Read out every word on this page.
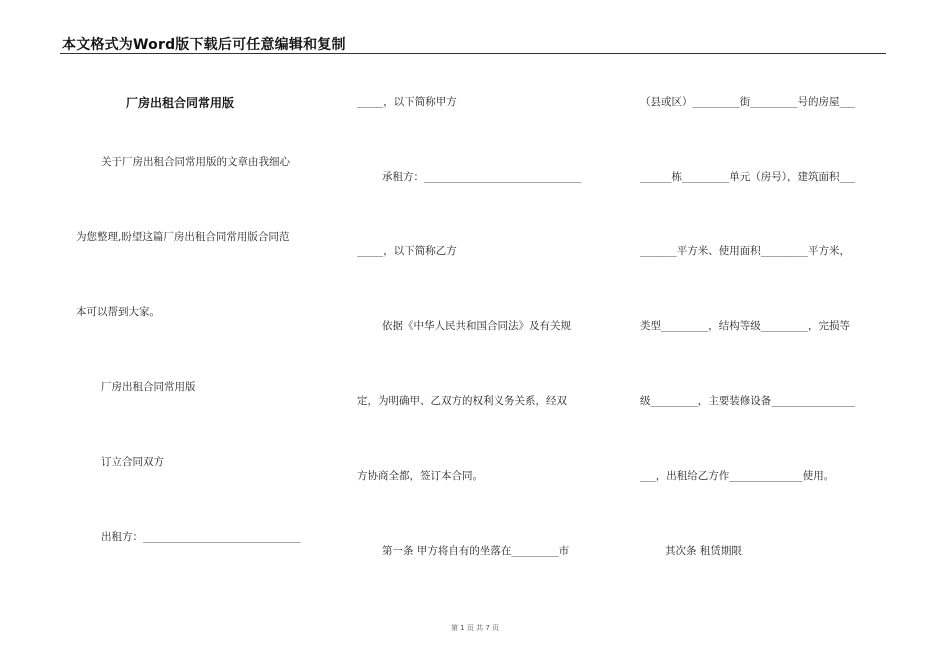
本文格式为Word版下载后可任意编辑和复制
厂房出租合同常用版
关于厂房出租合同常用版的文章由我细心
为您整理,盼望这篇厂房出租合同常用版合同范
本可以帮到大家。
厂房出租合同常用版
订立合同双方
出租方：______________________________
_____，以下简称甲方
承租方：______________________________
_____，以下简称乙方
依据《中华人民共和国合同法》及有关规
定，为明确甲、乙双方的权利义务关系，经双
方协商全都，签订本合同。
第一条 甲方将自有的坐落在_________市
（县或区）_________街_________号的房屋___
______栋_________单元（房号），建筑面积___
_______平方米、使用面积_________平方米，
类型_________，结构等级_________，完损等
级_________，主要装修设备________________
___，出租给乙方作______________使用。
其次条 租赁期限
第 1 页 共 7 页
